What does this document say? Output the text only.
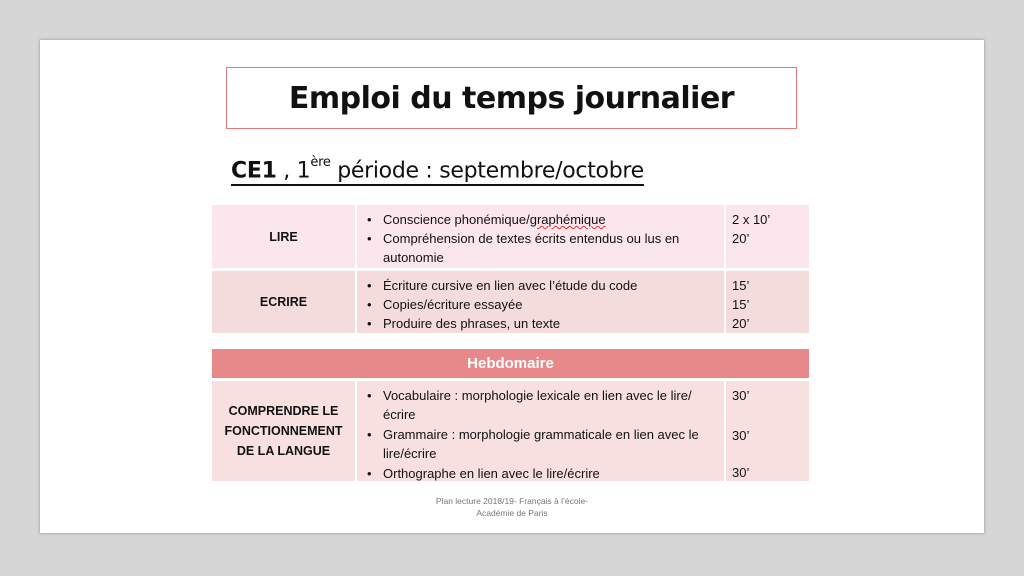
Emploi du temps journalier
CE1 , 1ère période : septembre/octobre
LIRE
• Conscience phonémique/graphémique
• Compréhension de textes écrits entendus ou lus en autonomie
2 x 10’
20’
ECRIRE
• Écriture cursive en lien avec l’étude du code
• Copies/écriture essayée
• Produire des phrases, un texte
15’
15’
20’
Hebdomaire
COMPRENDRE LE
FONCTIONNEMENT
DE LA LANGUE
• Vocabulaire : morphologie lexicale en lien avec le lire/écrire
• Grammaire : morphologie grammaticale en lien avec le lire/écrire
• Orthographe en lien avec le lire/écrire
30’
30’
30’
Plan lecture 2018/19- Français à l’école-
Académie de Paris
